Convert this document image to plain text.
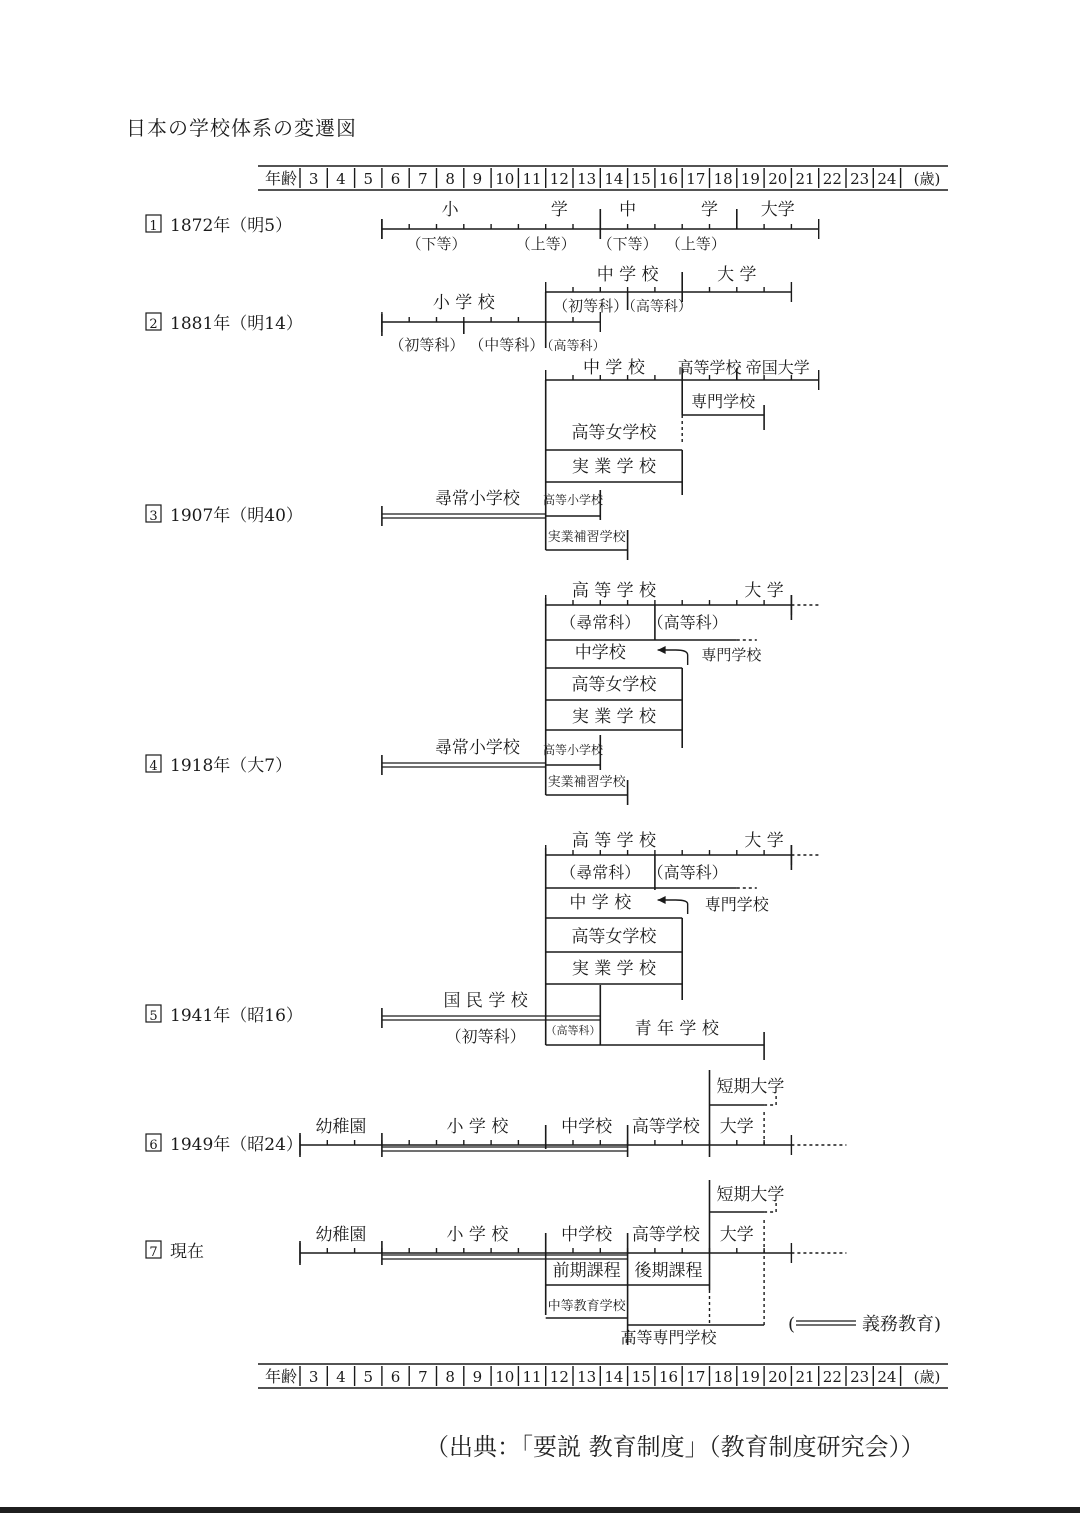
日本の学校体系の変遷図
年齢 3 4 5 6 7 8 9 10 11 12 13 14 15 16 17 18 19 20 21 22 23 24 (歳)
年齢 3 4 5 6 7 8 9 10 11 12 13 14 15 16 17 18 19 20 21 22 23 24 (歳)
小	学	中	学	大学
（下等）	（上等） （下等） （上等）
1 1872年（明5）
小 学 校
（初等科） （中等科）
（高等科）
中 学 校
（初等科）
（高等科）
大 学
2 1881年（明14）
尋常小学校
中 学 校 高等学校 帝国大学
専門学校
高等女学校
実 業 学 校
高等小学校
実業補習学校
3 1907年（明40）
高 等 学 校	大 学
（尋常科） （高等科）
中学校	専門学校
高等女学校
実 業 学 校
尋常小学校 高等小学校
実業補習学校
4 1918年（大7）
高 等 学 校	大 学
（尋常科） （高等科）
中 学 校	専門学校
高等女学校
実 業 学 校
国 民 学 校
（初等科） （高等科） 青 年 学 校
5 1941年（昭16）
幼稚園	小 学 校	中学校 高等学校 大学
短期大学
6 1949年（昭24）
幼稚園	小 学 校	中学校 高等学校 大学
短期大学
前期課程 後期課程
中等教育学校
高等専門学校
7 現在
(	義務教育)
（出典：「要説 教育制度」（教育制度研究会））
